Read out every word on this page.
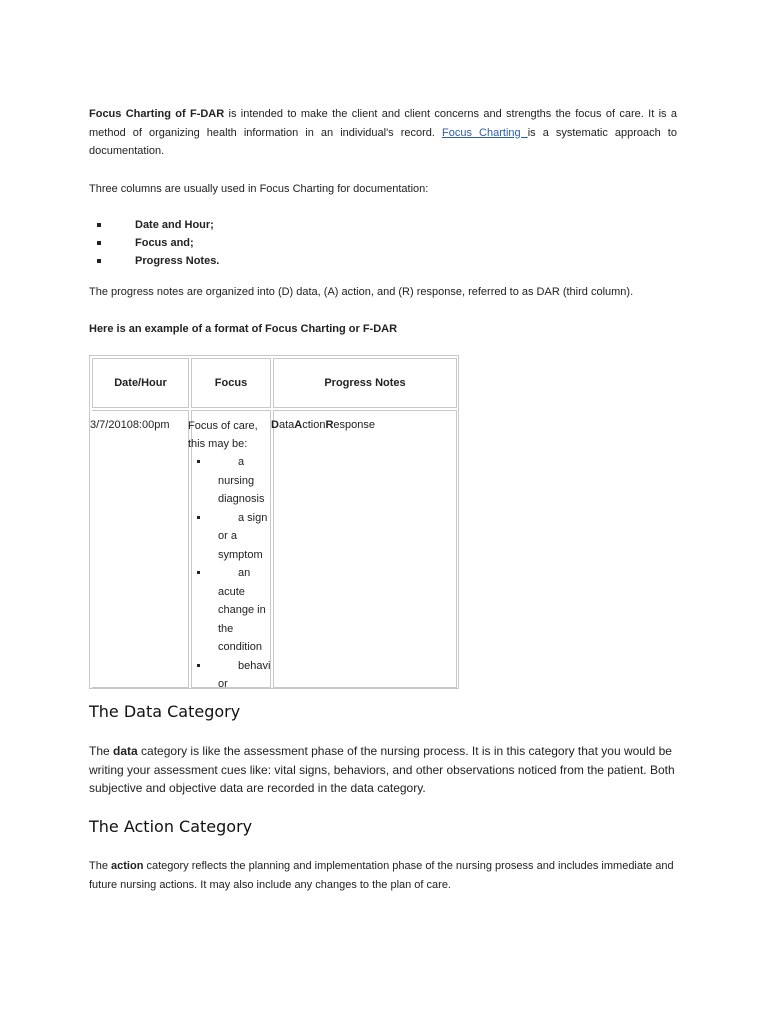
Focus Charting of F-DAR is intended to make the client and client concerns and strengths the focus of care. It is a method of organizing health information in an individual's record. Focus Charting is a systematic approach to documentation.

Three columns are usually used in Focus Charting for documentation:

Date and Hour;
Focus and;
Progress Notes.

The progress notes are organized into (D) data, (A) action, and (R) response, referred to as DAR (third column).

Here is an example of a format of Focus Charting or F-DAR

Date/Hour	Focus	Progress Notes
3/7/20108:00pm Focus of care, this may be:
a
nursing
diagnosis
a sign
or a
symptom
an
acute
change in
the
condition
behavi
or
DataActionResponse
The Data Category

The data category is like the assessment phase of the nursing process. It is in this category that you would be writing your assessment cues like: vital signs, behaviors, and other observations noticed from the patient. Both subjective and objective data are recorded in the data category.

The Action Category

The action category reflects the planning and implementation phase of the nursing prosess and includes immediate and future nursing actions. It may also include any changes to the plan of care.
